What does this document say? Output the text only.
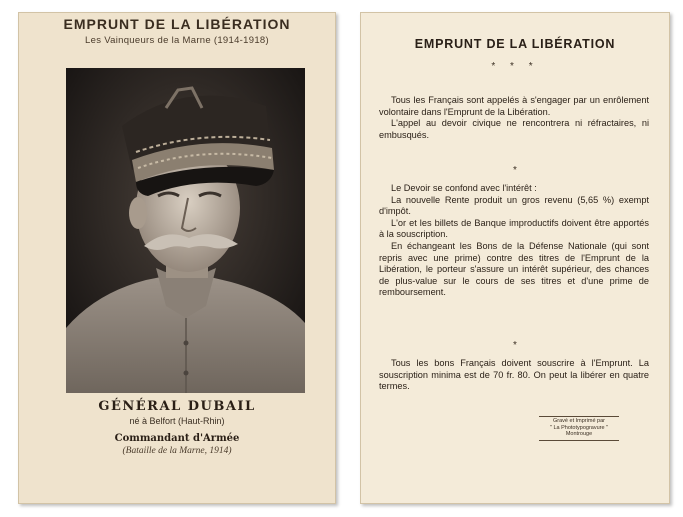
EMPRUNT DE LA LIBÉRATION
Les Vainqueurs de la Marne (1914-1918)
GÉNÉRAL DUBAIL
né à Belfort (Haut-Rhin)
Commandant d'Armée
(Bataille de la Marne, 1914)
EMPRUNT DE LA LIBÉRATION
* * *

Tous les Français sont appelés à s'engager par un enrôlement volontaire dans l'Emprunt de la Libération.

L'appel au devoir civique ne rencontrera ni réfractaires, ni embusqués.

*

Le Devoir se confond avec l'intérêt :

La nouvelle Rente produit un gros revenu (5,65 %) exempt d'impôt.

L'or et les billets de Banque improductifs doivent être apportés à la souscription.

En échangeant les Bons de la Défense Nationale (qui sont repris avec une prime) contre des titres de l'Emprunt de la Libération, le porteur s'assure un intérêt supérieur, des chances de plus-value sur le cours de ses titres et d'une prime de remboursement.

*

Tous les bons Français doivent souscrire à l'Emprunt. La souscription minima est de 70 fr. 80. On peut la libérer en quatre termes.

Gravé et Imprimé par
" La Phototypogravure "
Montrouge
